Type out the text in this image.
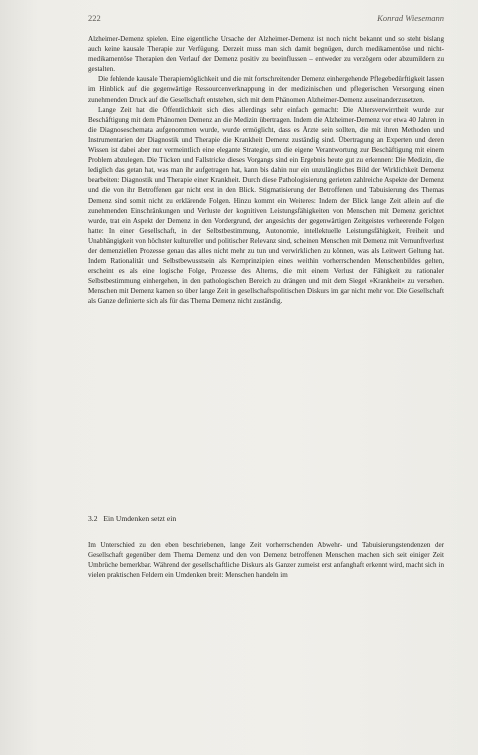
222	Konrad Wiesemann

Alzheimer-Demenz spielen. Eine eigentliche Ursache der Alzheimer-Demenz ist noch nicht bekannt und so steht bislang auch keine kausale Therapie zur Verfügung. Derzeit muss man sich damit begnügen, durch medikamentöse und nicht-medikamentöse Therapien den Verlauf der Demenz positiv zu beeinflussen – entweder zu verzögern oder abzumildern zu gestalten.

Die fehlende kausale Therapiemöglichkeit und die mit fortschreitender Demenz einhergehende Pflegebedürftigkeit lassen im Hinblick auf die gegenwärtige Ressourcenverknappung in der medizinischen und pflegerischen Versorgung einen zunehmenden Druck auf die Gesellschaft entstehen, sich mit dem Phänomen Alzheimer-Demenz auseinanderzusetzen.

Lange Zeit hat die Öffentlichkeit sich dies allerdings sehr einfach gemacht: Die Altersverwirrtheit wurde zur Beschäftigung mit dem Phänomen Demenz an die Medizin übertragen. Indem die Alzheimer-Demenz vor etwa 40 Jahren in die Diagnoseschemata aufgenommen wurde, wurde ermöglicht, dass es Ärzte sein sollten, die mit ihren Methoden und Instrumentarien der Diagnostik und Therapie die Krankheit Demenz zuständig sind. Übertragung an Experten und deren Wissen ist dabei aber nur vermeintlich eine elegante Strategie, um die eigene Verantwortung zur Beschäftigung mit einem Problem abzulegen. Die Tücken und Fallstricke dieses Vorgangs sind ein Ergebnis heute gut zu erkennen: Die Medizin, die lediglich das getan hat, was man ihr aufgetragen hat, kann bis dahin nur ein unzulängliches Bild der Wirklichkeit Demenz bearbeiten: Diagnostik und Therapie einer Krankheit. Durch diese Pathologisierung gerieten zahlreiche Aspekte der Demenz und die von ihr Betroffenen gar nicht erst in den Blick. Stigmatisierung der Betroffenen und Tabuisierung des Themas Demenz sind somit nicht zu erklärende Folgen. Hinzu kommt ein Weiteres: Indem der Blick lange Zeit allein auf die zunehmenden Einschränkungen und Verluste der kognitiven Leistungsfähigkeiten von Menschen mit Demenz gerichtet wurde, trat ein Aspekt der Demenz in den Vordergrund, der angesichts der gegenwärtigen Zeitgeistes verheerende Folgen hatte: In einer Gesellschaft, in der Selbstbestimmung, Autonomie, intellektuelle Leistungsfähigkeit, Freiheit und Unabhängigkeit von höchster kultureller und politischer Relevanz sind, scheinen Menschen mit Demenz mit Vernunftverlust der demenziellen Prozesse genau das alles nicht mehr zu tun und verwirklichen zu können, was als Leitwert Geltung hat. Indem Rationalität und Selbstbewusstsein als Kernprinzipien eines weithin vorherrschenden Menschenbildes gelten, erscheint es als eine logische Folge, Prozesse des Alterns, die mit einem Verlust der Fähigkeit zu rationaler Selbstbestimmung einhergehen, in den pathologischen Bereich zu drängen und mit dem Siegel »Krankheit« zu versehen. Menschen mit Demenz kamen so über lange Zeit in gesellschaftspolitischen Diskurs im gar nicht mehr vor. Die Gesellschaft als Ganze definierte sich als für das Thema Demenz nicht zuständig.

3.2 Ein Umdenken setzt ein

Im Unterschied zu den eben beschriebenen, lange Zeit vorherrschenden Abwehr- und Tabuisierungstendenzen der Gesellschaft gegenüber dem Thema Demenz und den von Demenz betroffenen Menschen machen sich seit einiger Zeit Umbrüche bemerkbar. Während der gesellschaftliche Diskurs als Ganzer zumeist erst anfanghaft erkennt wird, macht sich in vielen praktischen Feldern ein Umdenken breit: Menschen handeln im
